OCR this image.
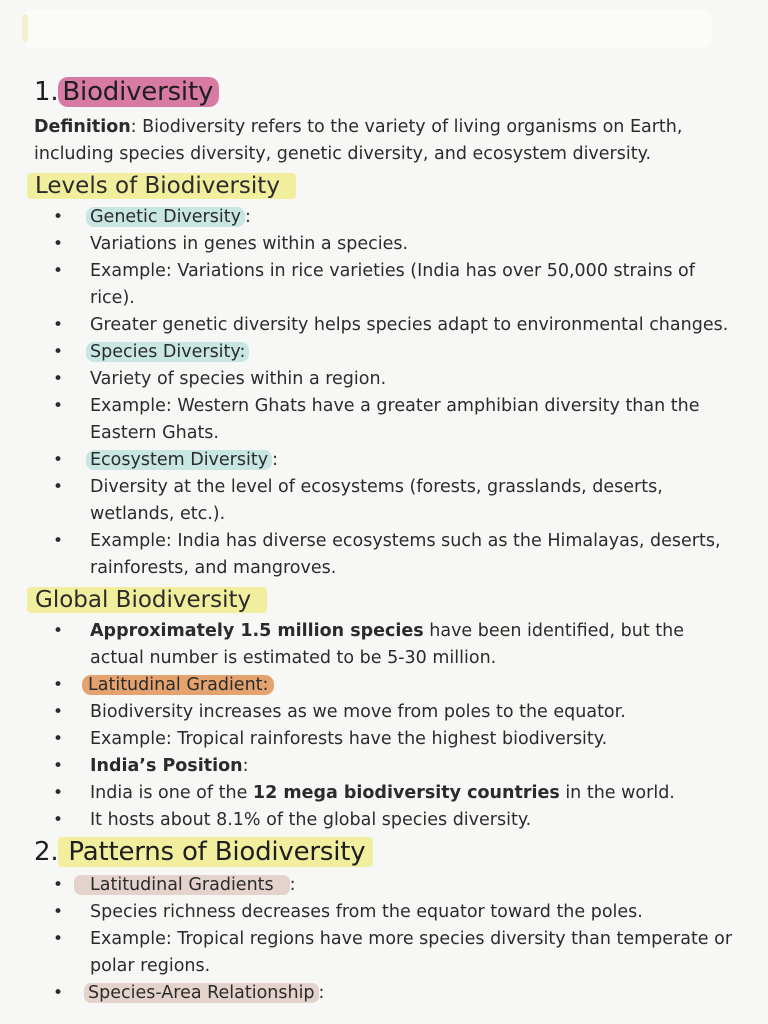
1. Biodiversity
Definition: Biodiversity refers to the variety of living organisms on Earth, including species diversity, genetic diversity, and ecosystem diversity.
Levels of Biodiversity
• Genetic Diversity :
• Variations in genes within a species.
• Example: Variations in rice varieties (India has over 50,000 strains of rice).
• Greater genetic diversity helps species adapt to environmental changes.
• Species Diversity:
• Variety of species within a region.
• Example: Western Ghats have a greater amphibian diversity than the Eastern Ghats.
• Ecosystem Diversity :
• Diversity at the level of ecosystems (forests, grasslands, deserts, wetlands, etc.).
• Example: India has diverse ecosystems such as the Himalayas, deserts, rainforests, and mangroves.
Global Biodiversity
• Approximately 1.5 million species have been identified, but the actual number is estimated to be 5-30 million.
• Latitudinal Gradient:
• Biodiversity increases as we move from poles to the equator.
• Example: Tropical rainforests have the highest biodiversity.
• India’s Position:
• India is one of the 12 mega biodiversity countries in the world.
• It hosts about 8.1% of the global species diversity.
2. Patterns of Biodiversity
• Latitudinal Gradients :
• Species richness decreases from the equator toward the poles.
• Example: Tropical regions have more species diversity than temperate or polar regions.
• Species-Area Relationship :
